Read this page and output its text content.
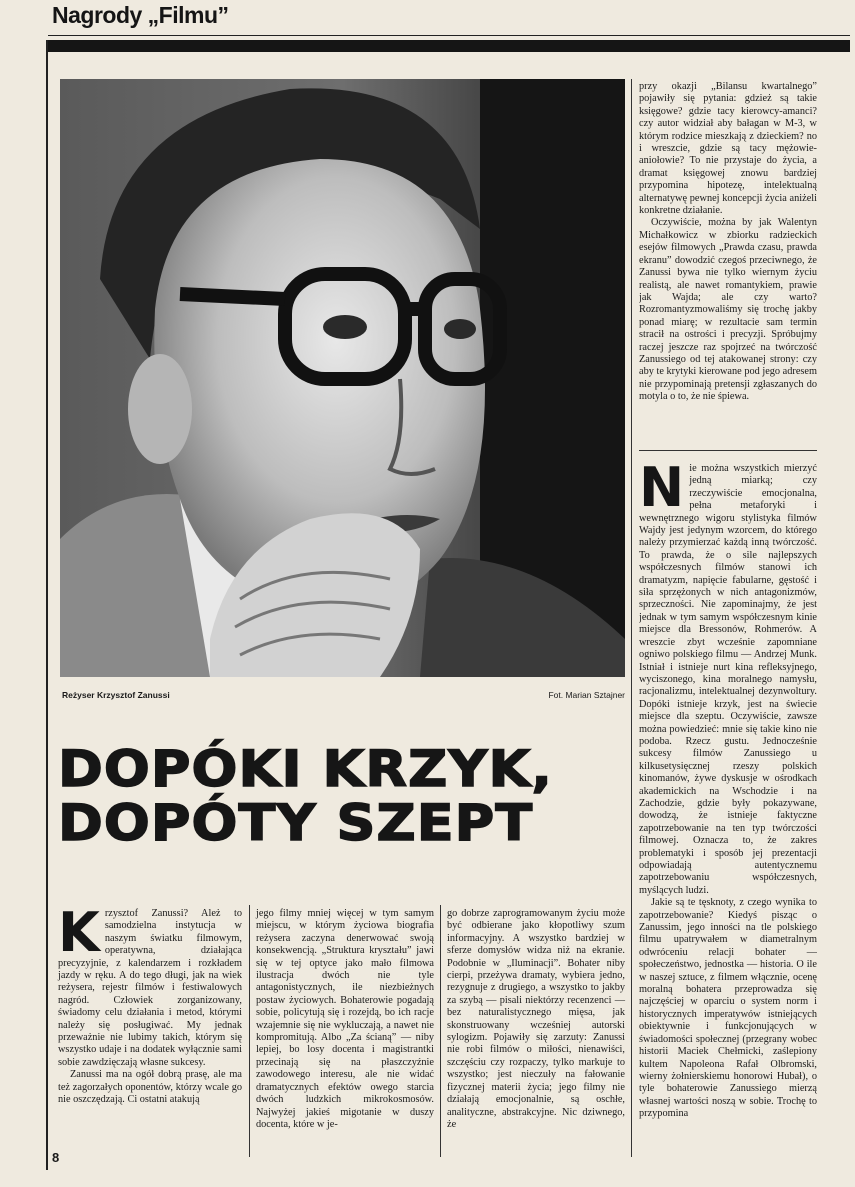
Nagrody „Filmu”
Reżyser Krzysztof Zanussi	Fot. Marian Sztajner
DOPÓKI KRZYK,
DOPÓTY SZEPT
K rzysztof Zanussi? Ależ to samodzielna instytucja w naszym światku filmowym, operatywna, działająca precyzyjnie, z kalendarzem i rozkładem jazdy w ręku. A do tego długi, jak na wiek reżysera, rejestr filmów i festiwalowych nagród. Człowiek zorganizowany, świadomy celu działania i metod, którymi należy się posługiwać. My jednak przeważnie nie lubimy takich, którym się wszystko udaje i na dodatek wyłącznie sami sobie zawdzięczają własne sukcesy.

Zanussi ma na ogół dobrą prasę, ale ma też zagorzałych oponentów, którzy wcale go nie oszczędzają. Ci ostatni atakują

jego filmy mniej więcej w tym samym miejscu, w którym życiowa biografia reżysera zaczyna denerwować swoją konsekwencją. „Struktura kryształu” jawi się w tej optyce jako mało filmowa ilustracja dwóch nie tyle antagonistycznych, ile niezbieżnych postaw życiowych. Bohaterowie pogadają sobie, policytują się i rozejdą, bo ich racje wzajemnie się nie wykluczają, a nawet nie kompromitują. Albo „Za ścianą” — niby lepiej, bo losy docenta i magistrantki przecinają się na płaszczyźnie zawodowego interesu, ale nie widać dramatycznych efektów owego starcia dwóch ludzkich mikrokosmosów. Najwyżej jakieś migotanie w duszy docenta, które w je-

go dobrze zaprogramowanym życiu może być odbierane jako kłopotliwy szum informacyjny. A wszystko bardziej w sferze domysłów widza niż na ekranie. Podobnie w „Iluminacji”. Bohater niby cierpi, przeżywa dramaty, wybiera jedno, rezygnuje z drugiego, a wszystko to jakby za szybą — pisali niektórzy recenzenci — bez naturalistycznego mięsa, jak skonstruowany wcześniej autorski sylogizm. Pojawiły się zarzuty: Zanussi nie robi filmów o miłości, nienawiści, szczęściu czy rozpaczy, tylko markuje to wszystko; jest nieczuły na fałowanie fizycznej materii życia; jego filmy nie działają emocjonalnie, są oschłe, analityczne, abstrakcyjne. Nic dziwnego, że

przy okazji „Bilansu kwartalnego” pojawiły się pytania: gdzież są takie księgowe? gdzie tacy kierowcy-amanci? czy autor widział aby bałagan w M-3, w którym rodzice mieszkają z dzieckiem? no i wreszcie, gdzie są tacy mężowie-aniołowie? To nie przystaje do życia, a dramat księgowej znowu bardziej przypomina hipotezę, intelektualną alternatywę pewnej koncepcji życia aniżeli konkretne działanie.

Oczywiście, można by jak Walentyn Michałkowicz w zbiorku radzieckich esejów filmowych „Prawda czasu, prawda ekranu” dowodzić czegoś przeciwnego, że Zanussi bywa nie tylko wiernym życiu realistą, ale nawet romantykiem, prawie jak Wajda; ale czy warto? Rozromantyzmowaliśmy się trochę jakby ponad miarę; w rezultacie sam termin stracił na ostrości i precyzji. Spróbujmy raczej jeszcze raz spojrzeć na twórczość Zanussiego od tej atakowanej strony: czy aby te krytyki kierowane pod jego adresem nie przypominają pretensji zgłaszanych do motyla o to, że nie śpiewa.

N ie można wszystkich mierzyć jedną miarką; czy rzeczywiście emocjonalna, pełna metaforyki i wewnętrznego wigoru stylistyka filmów Wajdy jest jedynym wzorcem, do którego należy przymierzać każdą inną twórczość. To prawda, że o sile najlepszych współczesnych filmów stanowi ich dramatyzm, napięcie fabularne, gęstość i siła sprzężonych w nich antagonizmów, sprzeczności. Nie zapominajmy, że jest jednak w tym samym współczesnym kinie miejsce dla Bressonów, Rohmerów. A wreszcie zbyt wcześnie zapomniane ogniwo polskiego filmu — Andrzej Munk. Istniał i istnieje nurt kina refleksyjnego, wyciszonego, kina moralnego namysłu, racjonalizmu, intelektualnej dezynwoltury. Dopóki istnieje krzyk, jest na świecie miejsce dla szeptu. Oczywiście, zawsze można powiedzieć: mnie się takie kino nie podoba. Rzecz gustu. Jednocześnie sukcesy filmów Zanussiego u kilkusetysięcznej rzeszy polskich kinomanów, żywe dyskusje w ośrodkach akademickich na Wschodzie i na Zachodzie, gdzie były pokazywane, dowodzą, że istnieje faktyczne zapotrzebowanie na ten typ twórczości filmowej. Oznacza to, że zakres problematyki i sposób jej prezentacji odpowiadają autentycznemu zapotrzebowaniu współczesnych, myślących ludzi.

Jakie są te tęsknoty, z czego wynika to zapotrzebowanie? Kiedyś pisząc o Zanussim, jego inności na tle polskiego filmu upatrywałem w diametralnym odwróceniu relacji bohater — społeczeństwo, jednostka — historia. O ile w naszej sztuce, z filmem włącznie, ocenę moralną bohatera przeprowadza się najczęściej w oparciu o system norm i historycznych imperatywów istniejących obiektywnie i funkcjonujących w świadomości społecznej (przegrany wobec historii Maciek Chełmicki, zaślepiony kultem Napoleona Rafał Olbromski, wierny żołnierskiemu honorowi Hubał), o tyle bohaterowie Zanussiego mierzą własnej wartości noszą w sobie. Trochę to przypomina

8
